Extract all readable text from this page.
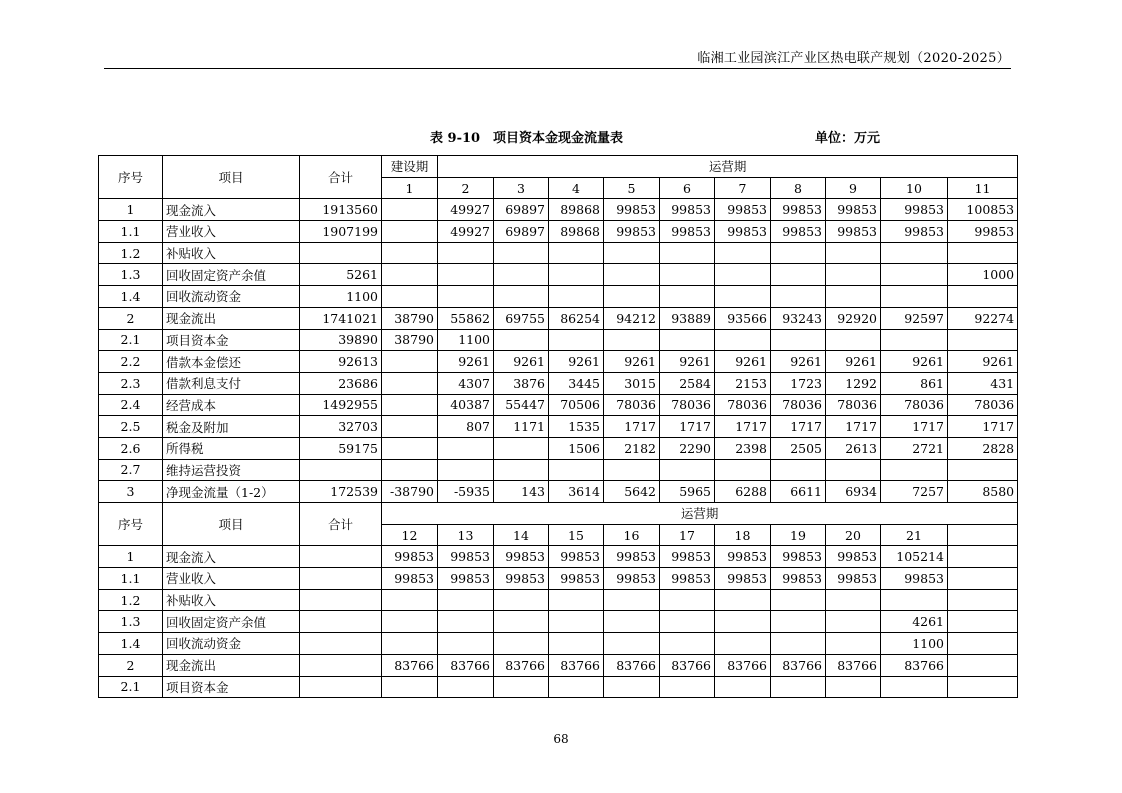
临湘工业园滨江产业区热电联产规划（2020-2025）
表 9-10　项目资本金现金流量表	单位：万元
序号	项目	合计	建设期	运营期									
			1	2	3	4	5	6	7	8	9	10	11
1	现金流入	1913560		49927	69897	89868	99853	99853	99853	99853	99853	99853	100853
1.1	营业收入	1907199		49927	69897	89868	99853	99853	99853	99853	99853	99853	99853
1.2	补贴收入												
1.3	回收固定资产余值	5261											1000
1.4	回收流动资金	1100											
2	现金流出	1741021	38790	55862	69755	86254	94212	93889	93566	93243	92920	92597	92274
2.1	项目资本金	39890	38790	1100									
2.2	借款本金偿还	92613		9261	9261	9261	9261	9261	9261	9261	9261	9261	9261
2.3	借款利息支付	23686		4307	3876	3445	3015	2584	2153	1723	1292	861	431
2.4	经营成本	1492955		40387	55447	70506	78036	78036	78036	78036	78036	78036	78036
2.5	税金及附加	32703		807	1171	1535	1717	1717	1717	1717	1717	1717	1717
2.6	所得税	59175				1506	2182	2290	2398	2505	2613	2721	2828
2.7	维持运营投资												
3	净现金流量（1-2）	172539	-38790	-5935	143	3614	5642	5965	6288	6611	6934	7257	8580
序号	项目	合计	运营期										
			12	13	14	15	16	17	18	19	20	21	
1	现金流入		99853	99853	99853	99853	99853	99853	99853	99853	99853	105214	
1.1	营业收入		99853	99853	99853	99853	99853	99853	99853	99853	99853	99853	
1.2	补贴收入												
1.3	回收固定资产余值											4261	
1.4	回收流动资金											1100	
2	现金流出		83766	83766	83766	83766	83766	83766	83766	83766	83766	83766	
2.1	项目资本金												
68
